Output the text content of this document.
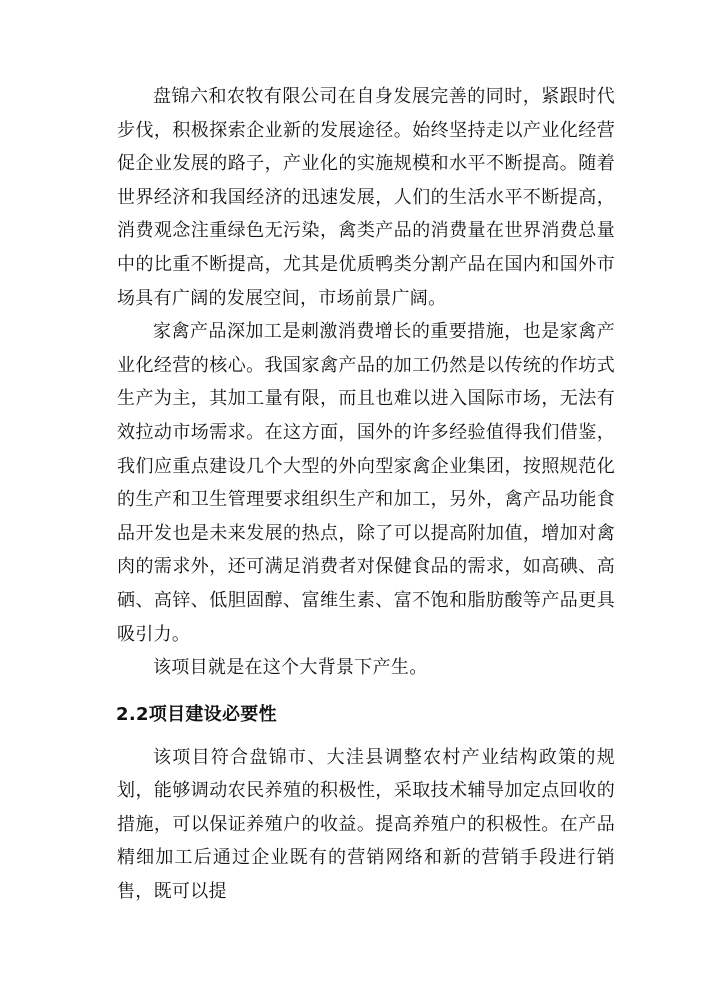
盘锦六和农牧有限公司在自身发展完善的同时，紧跟时代步伐，积极探索企业新的发展途径。始终坚持走以产业化经营促企业发展的路子，产业化的实施规模和水平不断提高。随着世界经济和我国经济的迅速发展，人们的生活水平不断提高，消费观念注重绿色无污染，禽类产品的消费量在世界消费总量中的比重不断提高，尤其是优质鸭类分割产品在国内和国外市场具有广阔的发展空间，市场前景广阔。

家禽产品深加工是刺激消费增长的重要措施，也是家禽产业化经营的核心。我国家禽产品的加工仍然是以传统的作坊式生产为主，其加工量有限，而且也难以进入国际市场，无法有效拉动市场需求。在这方面，国外的许多经验值得我们借鉴，我们应重点建设几个大型的外向型家禽企业集团，按照规范化的生产和卫生管理要求组织生产和加工，另外，禽产品功能食品开发也是未来发展的热点，除了可以提高附加值，增加对禽肉的需求外，还可满足消费者对保健食品的需求，如高碘、高硒、高锌、低胆固醇、富维生素、富不饱和脂肪酸等产品更具吸引力。

该项目就是在这个大背景下产生。

2.2项目建设必要性

该项目符合盘锦市、大洼县调整农村产业结构政策的规划，能够调动农民养殖的积极性，采取技术辅导加定点回收的措施，可以保证养殖户的收益。提高养殖户的积极性。在产品精细加工后通过企业既有的营销网络和新的营销手段进行销售，既可以提
